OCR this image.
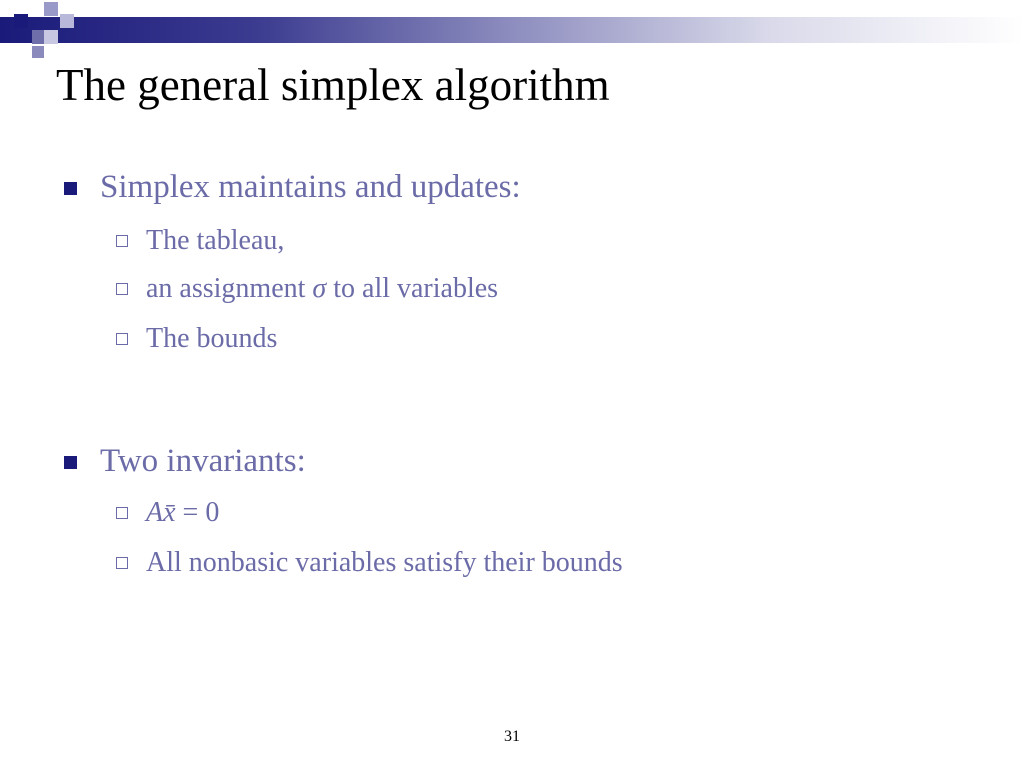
The general simplex algorithm
Simplex maintains and updates:
The tableau,
an assignment σ to all variables
The bounds
Two invariants:
Ax̄ = 0
All nonbasic variables satisfy their bounds
31
